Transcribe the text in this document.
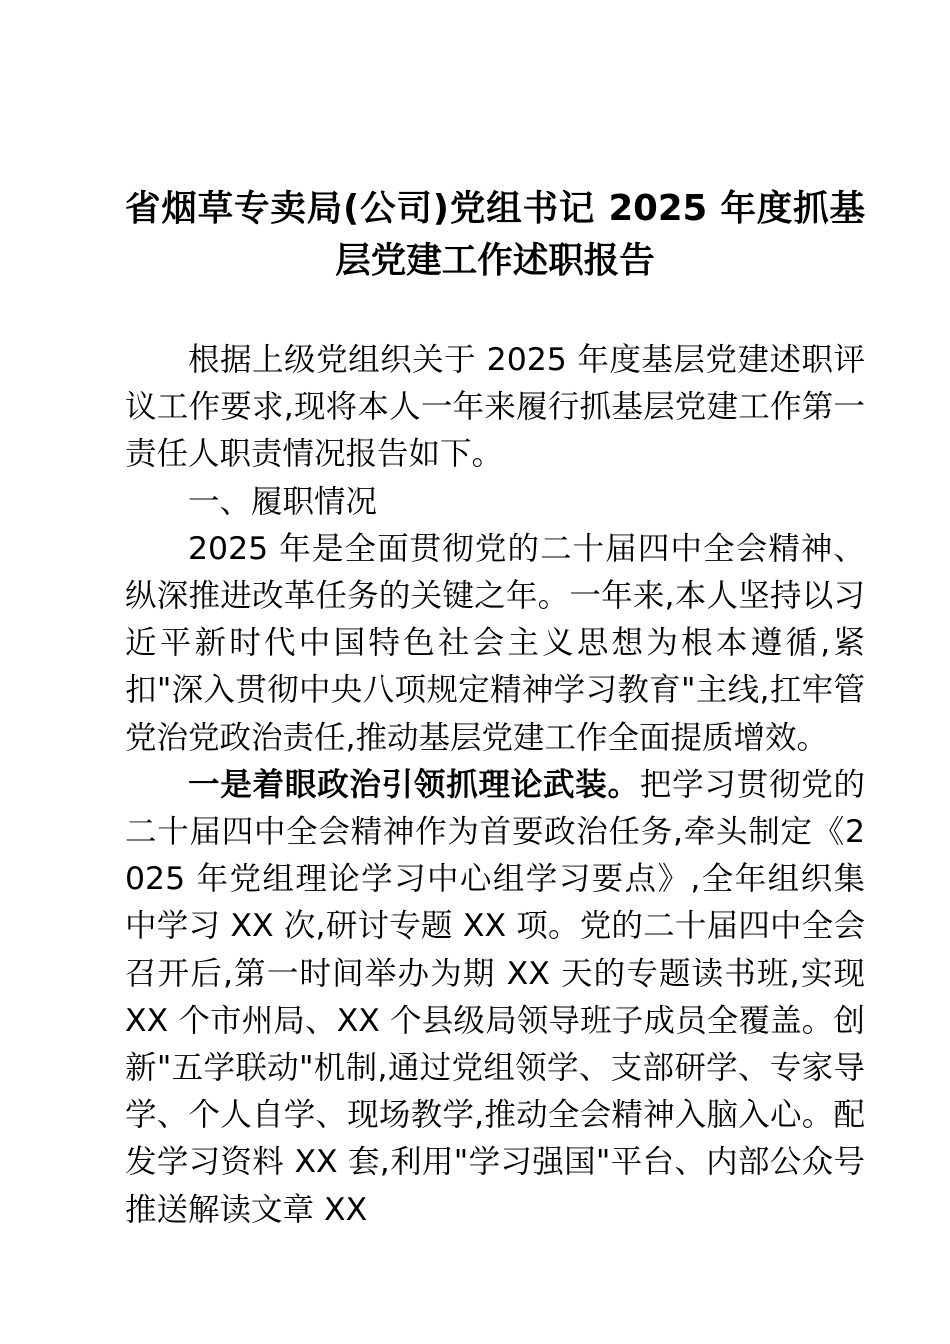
省烟草专卖局(公司)党组书记 2025 年度抓基层党建工作述职报告

根据上级党组织关于 2025 年度基层党建述职评议工作要求,现将本人一年来履行抓基层党建工作第一责任人职责情况报告如下。

一、履职情况

2025 年是全面贯彻党的二十届四中全会精神、纵深推进改革任务的关键之年。一年来,本人坚持以习近平新时代中国特色社会主义思想为根本遵循,紧扣"深入贯彻中央八项规定精神学习教育"主线,扛牢管党治党政治责任,推动基层党建工作全面提质增效。

一是着眼政治引领抓理论武装。把学习贯彻党的二十届四中全会精神作为首要政治任务,牵头制定《2025 年党组理论学习中心组学习要点》,全年组织集中学习 XX 次,研讨专题 XX 项。党的二十届四中全会召开后,第一时间举办为期 XX 天的专题读书班,实现 XX 个市州局、XX 个县级局领导班子成员全覆盖。创新"五学联动"机制,通过党组领学、支部研学、专家导学、个人自学、现场教学,推动全会精神入脑入心。配发学习资料 XX 套,利用"学习强国"平台、内部公众号推送解读文章 XX
